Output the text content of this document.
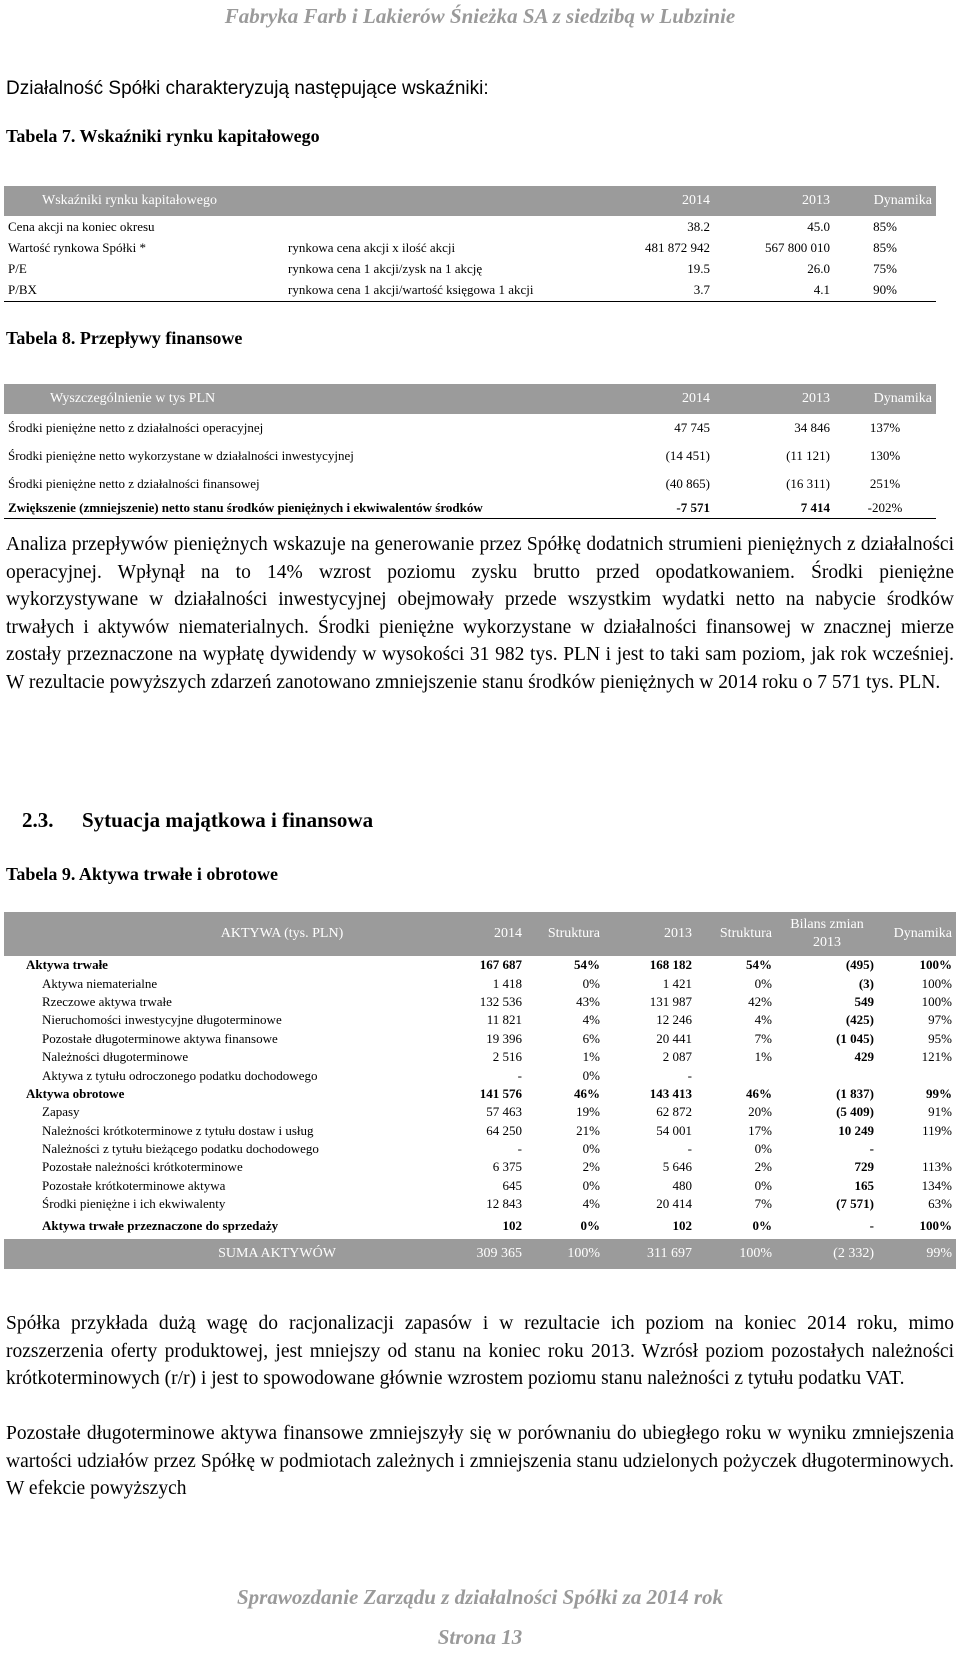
Fabryka Farb i Lakierów Śnieżka SA z siedzibą w Lubzinie
Działalność Spółki charakteryzują następujące wskaźniki:
Tabela 7. Wskaźniki rynku kapitałowego
Wskaźniki rynku kapitałowego		2014	2013	Dynamika
Cena akcji na koniec okresu		38.2	45.0	85%
Wartość rynkowa Spółki *	rynkowa cena akcji x ilość akcji	481 872 942	567 800 010	85%
P/E	rynkowa cena 1 akcji/zysk na 1 akcję	19.5	26.0	75%
P/BX	rynkowa cena 1 akcji/wartość księgowa 1 akcji	3.7	4.1	90%
Tabela 8. Przepływy finansowe
Wyszczególnienie w tys PLN	2014	2013	Dynamika
Środki pieniężne netto z działalności operacyjnej	47 745	34 846	137%
Środki pieniężne netto wykorzystane w działalności inwestycyjnej	(14 451)	(11 121)	130%
Środki pieniężne netto z działalności finansowej	(40 865)	(16 311)	251%
Zwiększenie (zmniejszenie) netto stanu środków pieniężnych i ekwiwalentów środków	-7 571	7 414	-202%

Analiza przepływów pieniężnych wskazuje na generowanie przez Spółkę dodatnich strumieni pieniężnych z działalności operacyjnej. Wpłynął na to 14% wzrost poziomu zysku brutto przed opodatkowaniem. Środki pieniężne wykorzystywane w działalności inwestycyjnej obejmowały przede wszystkim wydatki netto na nabycie środków trwałych i aktywów niematerialnych. Środki pieniężne wykorzystane w działalności finansowej w znacznej mierze zostały przeznaczone na wypłatę dywidendy w wysokości 31 982 tys. PLN i jest to taki sam poziom, jak rok wcześniej. W rezultacie powyższych zdarzeń zanotowano zmniejszenie stanu środków pieniężnych w 2014 roku o 7 571 tys. PLN.

2.3. Sytuacja majątkowa i finansowa
Tabela 9. Aktywa trwałe i obrotowe
AKTYWA (tys. PLN)	2014	Struktura	2013	Struktura	Bilans zmian
2013	Dynamika
Aktywa trwałe	167 687	54%	168 182	54%	(495)	100%
Aktywa niematerialne	1 418	0%	1 421	0%	(3)	100%
Rzeczowe aktywa trwałe	132 536	43%	131 987	42%	549	100%
Nieruchomości inwestycyjne długoterminowe	11 821	4%	12 246	4%	(425)	97%
Pozostałe długoterminowe aktywa finansowe	19 396	6%	20 441	7%	(1 045)	95%
Należności długoterminowe	2 516	1%	2 087	1%	429	121%
Aktywa z tytułu odroczonego podatku dochodowego	-	0%	-			
Aktywa obrotowe	141 576	46%	143 413	46%	(1 837)	99%
Zapasy	57 463	19%	62 872	20%	(5 409)	91%
Należności krótkoterminowe z tytułu dostaw i usług	64 250	21%	54 001	17%	10 249	119%
Należności z tytułu bieżącego podatku dochodowego	-	0%	-	0%	-	
Pozostałe należności krótkoterminowe	6 375	2%	5 646	2%	729	113%
Pozostałe krótkoterminowe aktywa	645	0%	480	0%	165	134%
Środki pieniężne i ich ekwiwalenty	12 843	4%	20 414	7%	(7 571)	63%
Aktywa trwałe przeznaczone do sprzedaży	102	0%	102	0%	-	100%
SUMA AKTYWÓW	309 365	100%	311 697	100%	(2 332)	99%

Spółka przykłada dużą wagę do racjonalizacji zapasów i w rezultacie ich poziom na koniec 2014 roku, mimo rozszerzenia oferty produktowej, jest mniejszy od stanu na koniec roku 2013. Wzrósł poziom pozostałych należności krótkoterminowych (r/r) i jest to spowodowane głównie wzrostem poziomu stanu należności z tytułu podatku VAT.

Pozostałe długoterminowe aktywa finansowe zmniejszyły się w porównaniu do ubiegłego roku w wyniku zmniejszenia wartości udziałów przez Spółkę w podmiotach zależnych i zmniejszenia stanu udzielonych pożyczek długoterminowych. W efekcie powyższych

Sprawozdanie Zarządu z działalności Spółki za 2014 rok
Strona 13
